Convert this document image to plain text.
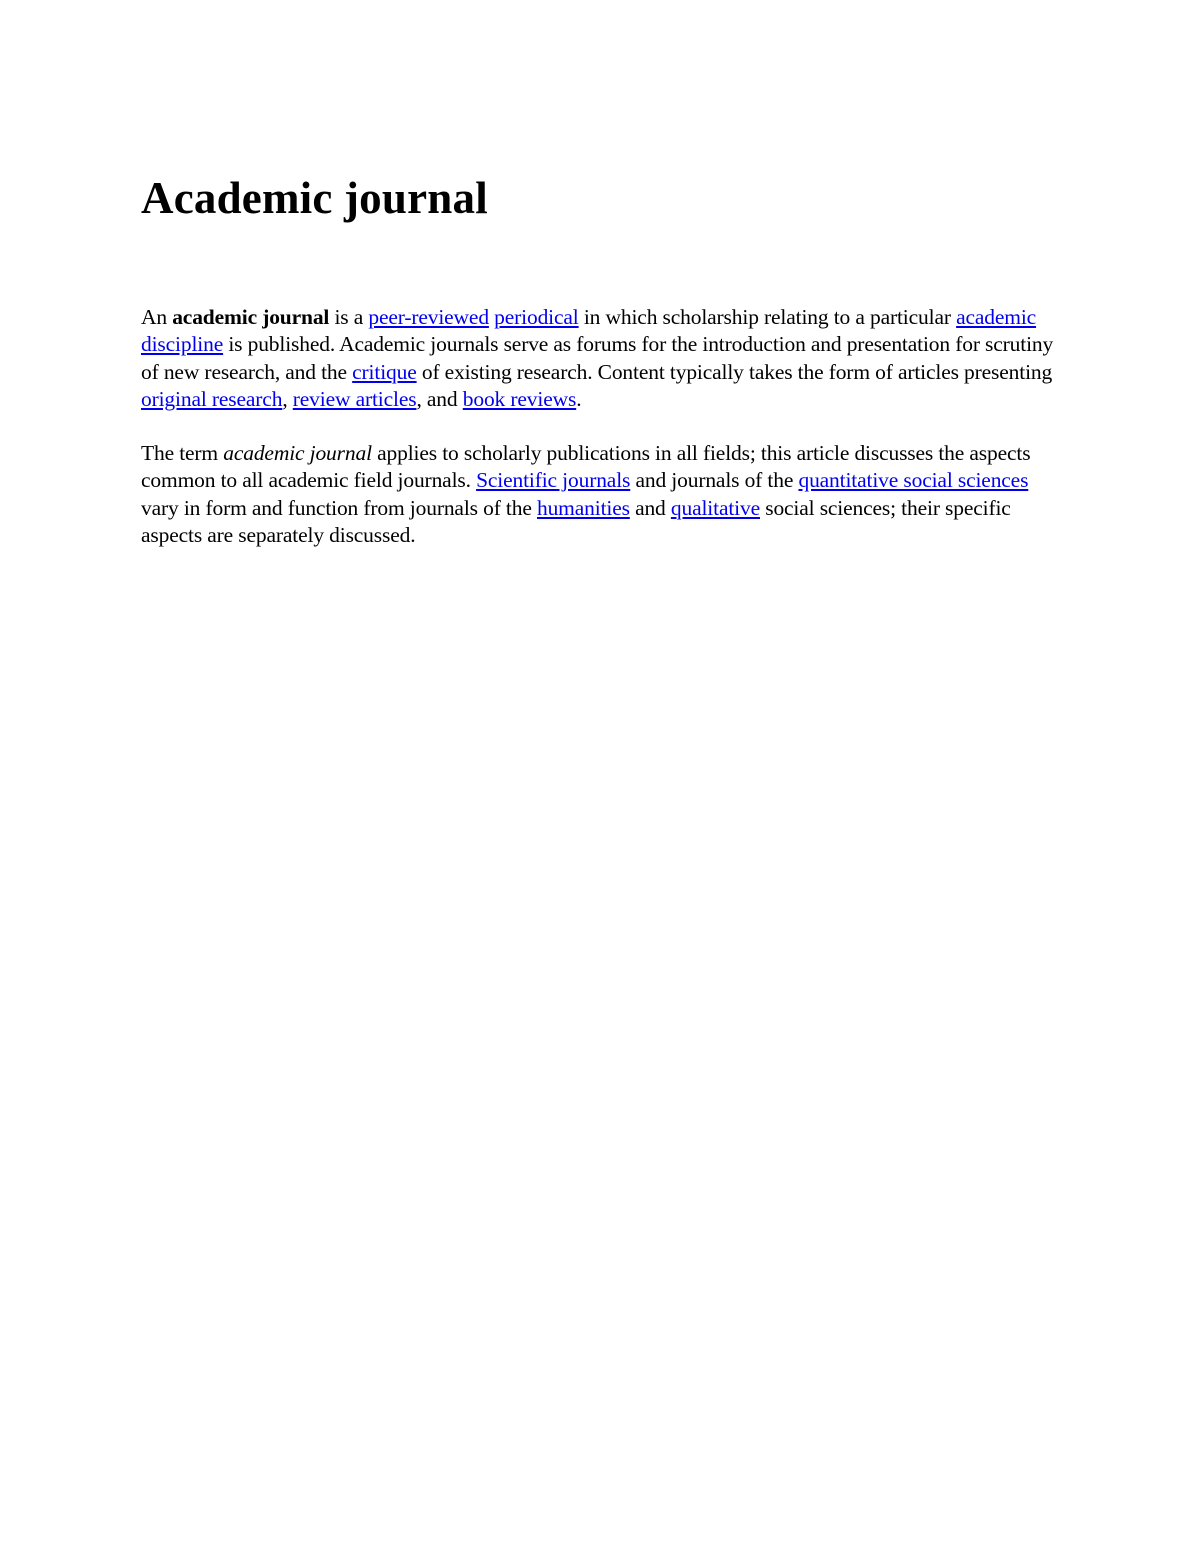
Academic journal

An academic journal is a peer-reviewed periodical in which scholarship relating to a particular academic discipline is published. Academic journals serve as forums for the introduction and presentation for scrutiny of new research, and the critique of existing research. Content typically takes the form of articles presenting original research, review articles, and book reviews.

The term academic journal applies to scholarly publications in all fields; this article discusses the aspects common to all academic field journals. Scientific journals and journals of the quantitative social sciences vary in form and function from journals of the humanities and qualitative social sciences; their specific aspects are separately discussed.
